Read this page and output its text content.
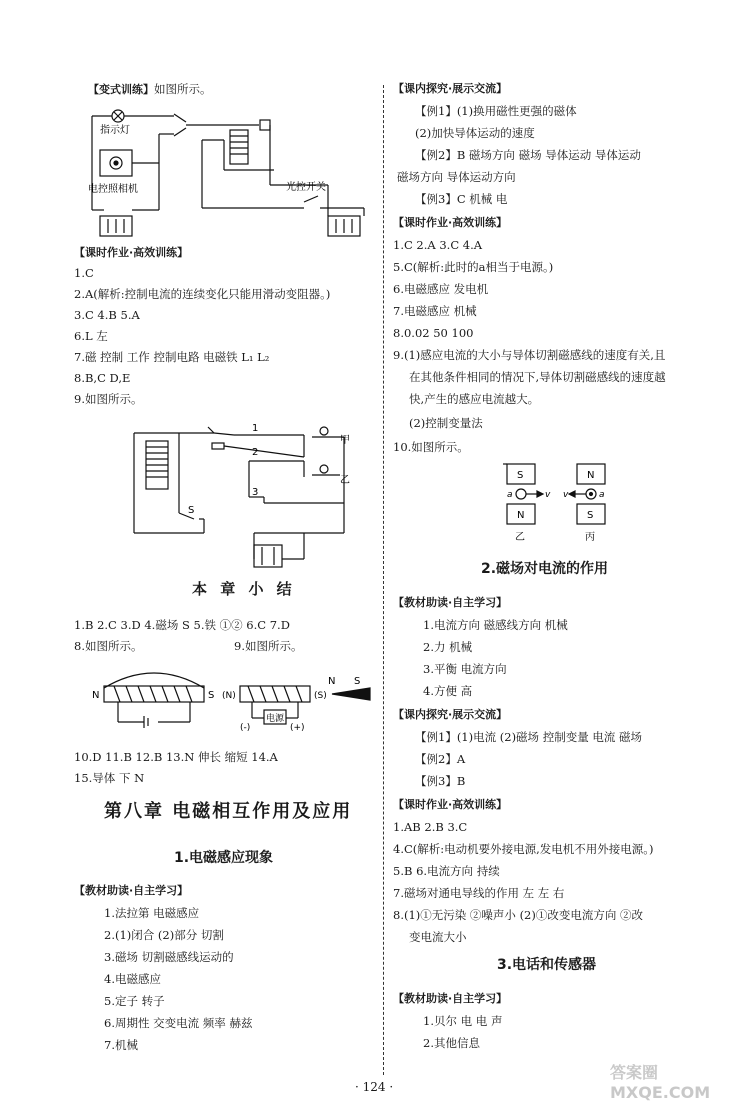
【变式训练】如图所示。
指示灯
电控照相机	光控开关
【课时作业·高效训练】
1.C
2.A(解析:控制电流的连续变化只能用滑动变阻器。)
3.C 4.B 5.A
6.L 左
7.磁 控制 工作 控制电路 电磁铁 L₁ L₂
8.B,C D,E
9.如图所示。
1
2
3
甲
乙
S
本 章 小 结
1.B 2.C 3.D 4.磁场 S 5.铁 ①② 6.C 7.D
8.如图所示。	9.如图所示。
N	S (N)	(S)
电源
(-)	(+)
N S
10.D 11.B 12.B 13.N 伸长 缩短 14.A
15.导体 下 N
第八章 电磁相互作用及应用
1.电磁感应现象
【教材助读·自主学习】
1.法拉第 电磁感应
2.(1)闭合 (2)部分 切割
3.磁场 切割磁感线运动的
4.电磁感应
5.定子 转子
6.周期性 交变电流 频率 赫兹
7.机械
【课内探究·展示交流】
【例1】(1)换用磁性更强的磁体
(2)加快导体运动的速度
【例2】B 磁场方向 磁场 导体运动 导体运动
磁场方向 导体运动方向
【例3】C 机械 电
【课时作业·高效训练】
1.C 2.A 3.C 4.A
5.C(解析:此时的a相当于电源。)
6.电磁感应 发电机
7.电磁感应 机械
8.0.02 50 100
9.(1)感应电流的大小与导体切割磁感线的速度有关,且
在其他条件相同的情况下,导体切割磁感线的速度越
快,产生的感应电流越大。
(2)控制变量法
10.如图所示。
S
N
N
S
a	v v	a
乙	丙
2.磁场对电流的作用
【教材助读·自主学习】
1.电流方向 磁感线方向 机械
2.力 机械
3.平衡 电流方向
4.方便 高
【课内探究·展示交流】
【例1】(1)电流 (2)磁场 控制变量 电流 磁场
【例2】A
【例3】B
【课时作业·高效训练】
1.AB 2.B 3.C
4.C(解析:电动机要外接电源,发电机不用外接电源。)
5.B 6.电流方向 持续
7.磁场对通电导线的作用 左 左 右
8.(1)①无污染 ②噪声小 (2)①改变电流方向 ②改
变电流大小
3.电话和传感器
【教材助读·自主学习】
1.贝尔 电 电 声
2.其他信息
· 124 ·
答案圈 MXQE.COM
